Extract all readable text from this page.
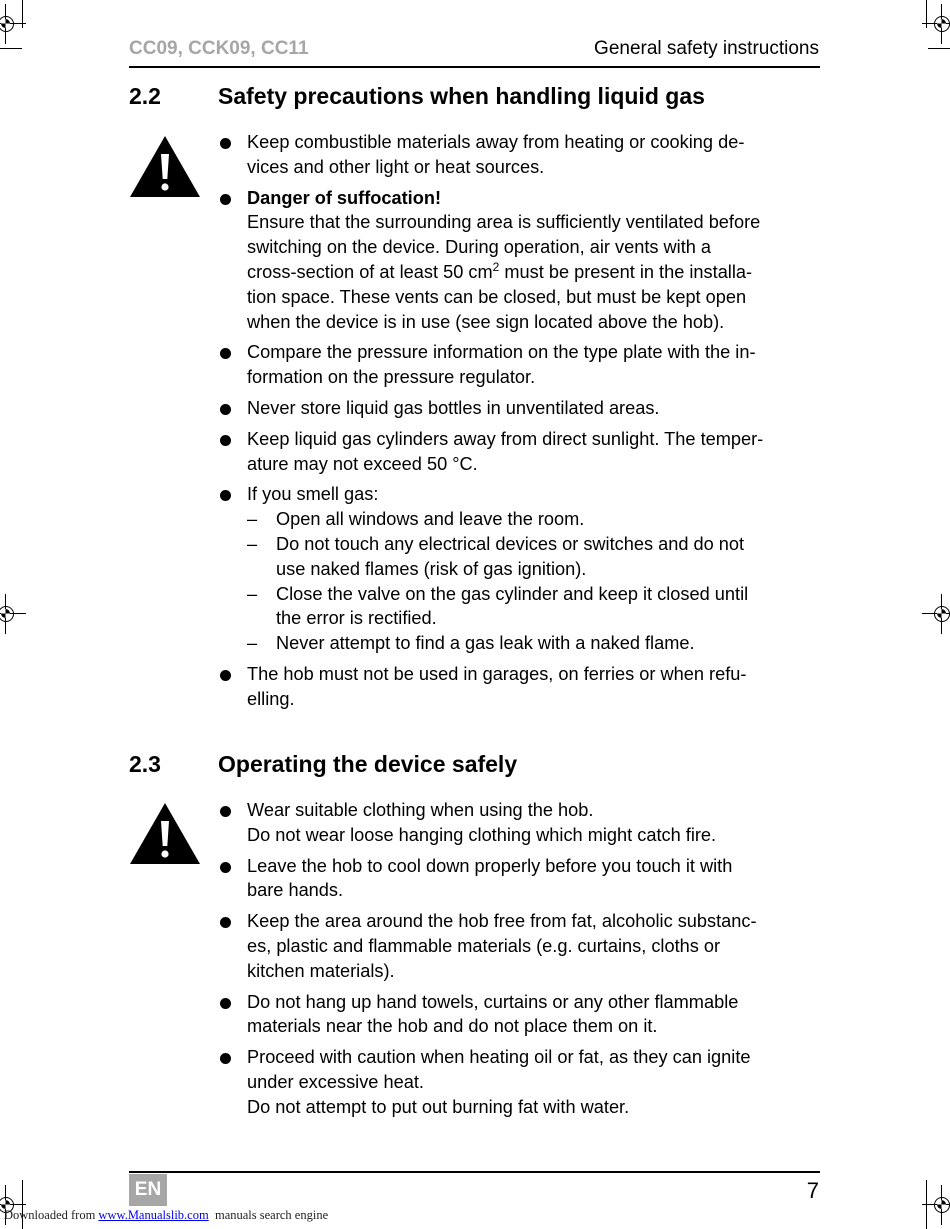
CC09, CCK09, CC11	General safety instructions
2.2 Safety precautions when handling liquid gas
Keep combustible materials away from heating or cooking de-
vices and other light or heat sources.
Danger of suffocation!
Ensure that the surrounding area is sufficiently ventilated before
switching on the device. During operation, air vents with a
cross-section of at least 50 $cm^2$ must be present in the installa-
tion space. These vents can be closed, but must be kept open
when the device is in use (see sign located above the hob).
Compare the pressure information on the type plate with the in-
formation on the pressure regulator.
Never store liquid gas bottles in unventilated areas.
Keep liquid gas cylinders away from direct sunlight. The temper-
ature may not exceed 50 °C.
If you smell gas:
– Open all windows and leave the room.
– Do not touch any electrical devices or switches and do not
use naked flames (risk of gas ignition).
– Close the valve on the gas cylinder and keep it closed until
the error is rectified.
– Never attempt to find a gas leak with a naked flame.
The hob must not be used in garages, on ferries or when refu-
elling.
2.3 Operating the device safely
Wear suitable clothing when using the hob.
Do not wear loose hanging clothing which might catch fire.
Leave the hob to cool down properly before you touch it with
bare hands.
Keep the area around the hob free from fat, alcoholic substanc-
es, plastic and flammable materials (e.g. curtains, cloths or
kitchen materials).
Do not hang up hand towels, curtains or any other flammable
materials near the hob and do not place them on it.
Proceed with caution when heating oil or fat, as they can ignite
under excessive heat.
Do not attempt to put out burning fat with water.
EN	7
Downloaded from www.Manualslib.com  manuals search engine
